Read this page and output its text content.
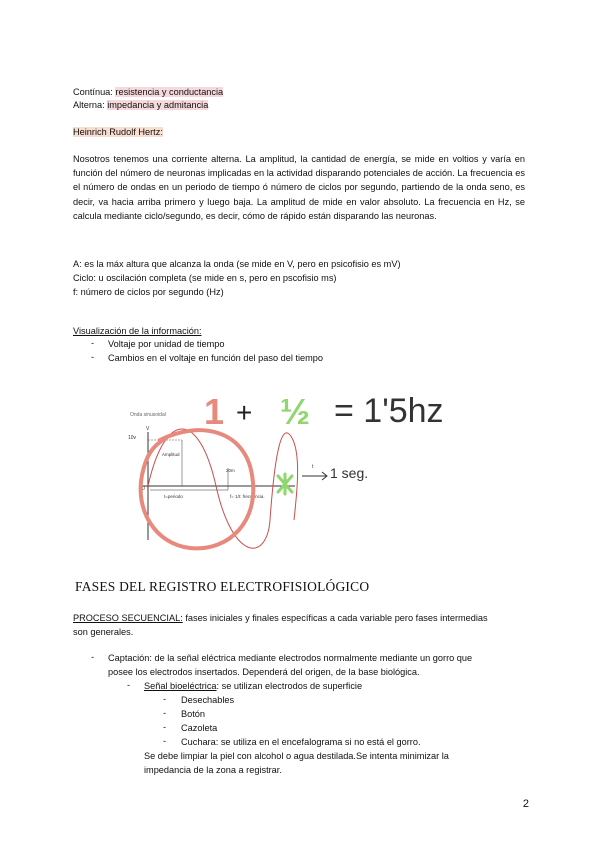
Contínua: resistencia y conductancia
Alterna: impedancia y admitancia
Heinrich Rudolf Hertz:
Nosotros tenemos una corriente alterna. La amplitud, la cantidad de energía, se mide en voltios y varía en función del número de neuronas implicadas en la actividad disparando potenciales de acción. La frecuencia es el número de ondas en un periodo de tiempo ó número de ciclos por segundo, partiendo de la onda seno, es decir, va hacia arriba primero y luego baja. La amplitud de mide en valor absoluto. La frecuencia en Hz, se calcula mediante ciclo/segundo, es decir, cómo de rápido están disparando las neuronas.
A: es la máx altura que alcanza la onda (se mide en V, pero en psicofisio es mV)
Ciclo: u oscilación completa (se mide en s, pero en pscofisio ms)
f: número de ciclos por segundo (Hz)
Visualización de la información:
- Voltaje por unidad de tiempo
- Cambios en el voltaje en función del paso del tiempo
1 + ½ = 1'5hz
Onda sinusoidal
10v
V
Amplitud
t=periodo	f= 1/t: frecuencia.
0
t
20m	1 seg.
FASES DEL REGISTRO ELECTROFISIOLÓGICO
PROCESO SECUENCIAL: fases iniciales y finales específicas a cada variable pero fases intermedias
son generales.
- Captación: de la señal eléctrica mediante electrodos normalmente mediante un gorro que
posee los electrodos insertados. Dependerá del origen, de la base biológica.
- Señal bioeléctrica: se utilizan electrodos de superficie
- Desechables
- Botón
- Cazoleta
- Cuchara: se utiliza en el encefalograma si no está el gorro.
Se debe limpiar la piel con alcohol o agua destilada.Se intenta minimizar la
impedancia de la zona a registrar.
2
